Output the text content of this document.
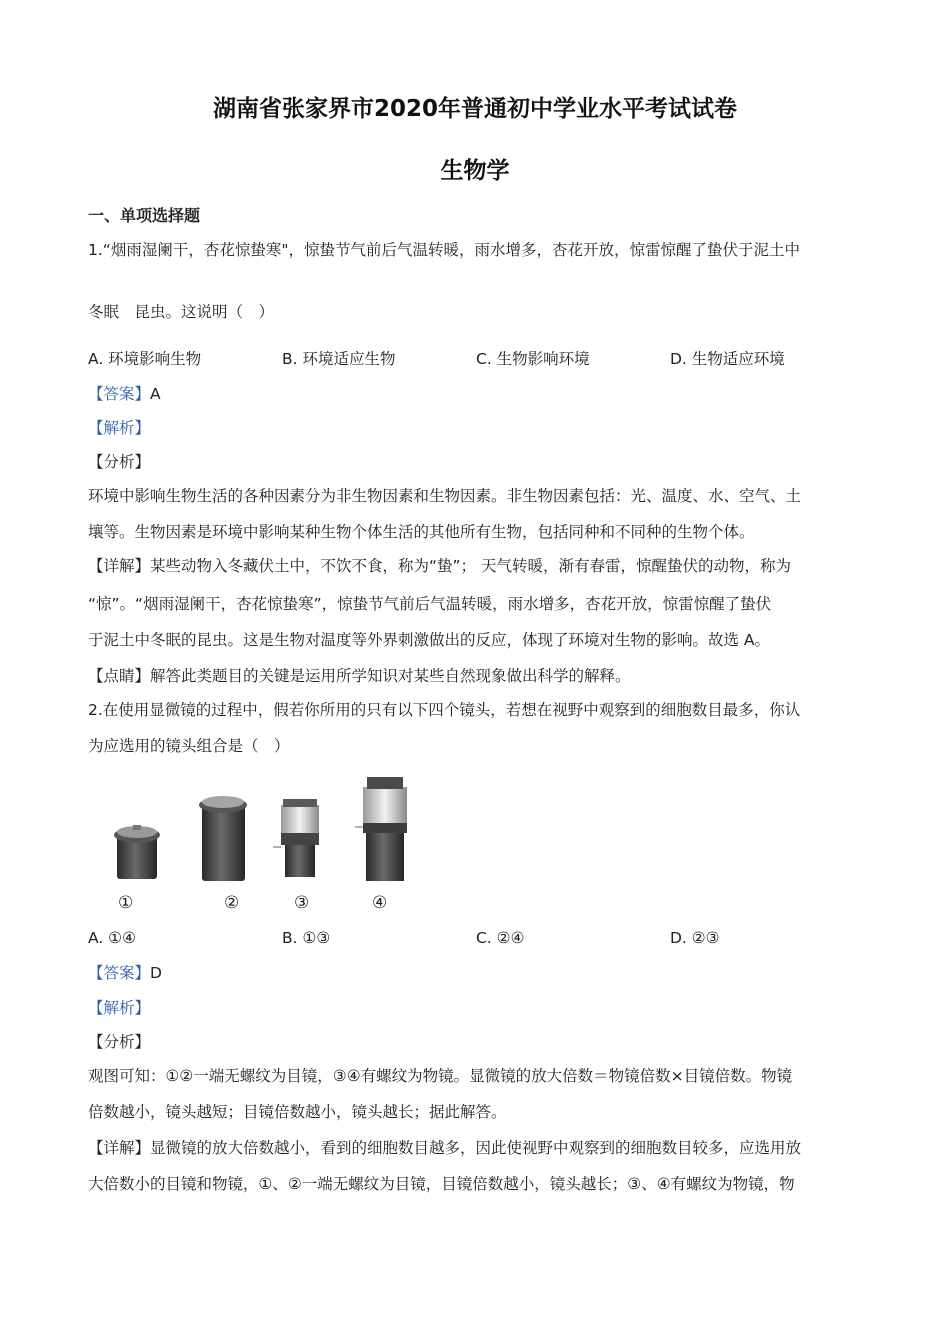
湖南省张家界市2020年普通初中学业水平考试试卷
生物学
一、单项选择题
1.“烟雨湿阑干，杏花惊蛰寒"，惊蛰节气前后气温转暖，雨水增多，杏花开放，惊雷惊醒了蛰伏于泥土中
冬眠　昆虫。这说明（　）
A. 环境影响生物	B. 环境适应生物	C. 生物影响环境	D. 生物适应环境
【答案】A
【解析】
【分析】
环境中影响生物生活的各种因素分为非生物因素和生物因素。非生物因素包括：光、温度、水、空气、土
壤等。生物因素是环境中影响某种生物个体生活的其他所有生物，包括同种和不同种的生物个体。
【详解】某些动物入冬藏伏土中，不饮不食，称为“蛰”； 天气转暖，渐有春雷，惊醒蛰伏的动物，称为
“惊”。“烟雨湿阑干，杏花惊蛰寒”，惊蛰节气前后气温转暖，雨水增多，杏花开放，惊雷惊醒了蛰伏
于泥土中冬眠的昆虫。这是生物对温度等外界刺激做出的反应，体现了环境对生物的影响。故选 A。
【点睛】解答此类题目的关键是运用所学知识对某些自然现象做出科学的解释。
2.在使用显微镜的过程中，假若你所用的只有以下四个镜头，若想在视野中观察到的细胞数目最多，你认
为应选用的镜头组合是（　）
①	②	③	④
A. ①④	B. ①③	C. ②④	D. ②③
【答案】D
【解析】
【分析】
观图可知：①②一端无螺纹为目镜，③④有螺纹为物镜。显微镜的放大倍数＝物镜倍数×目镜倍数。物镜
倍数越小，镜头越短；目镜倍数越小，镜头越长；据此解答。
【详解】显微镜的放大倍数越小，看到的细胞数目越多，因此使视野中观察到的细胞数目较多，应选用放
大倍数小的目镜和物镜，①、②一端无螺纹为目镜，目镜倍数越小，镜头越长；③、④有螺纹为物镜，物
